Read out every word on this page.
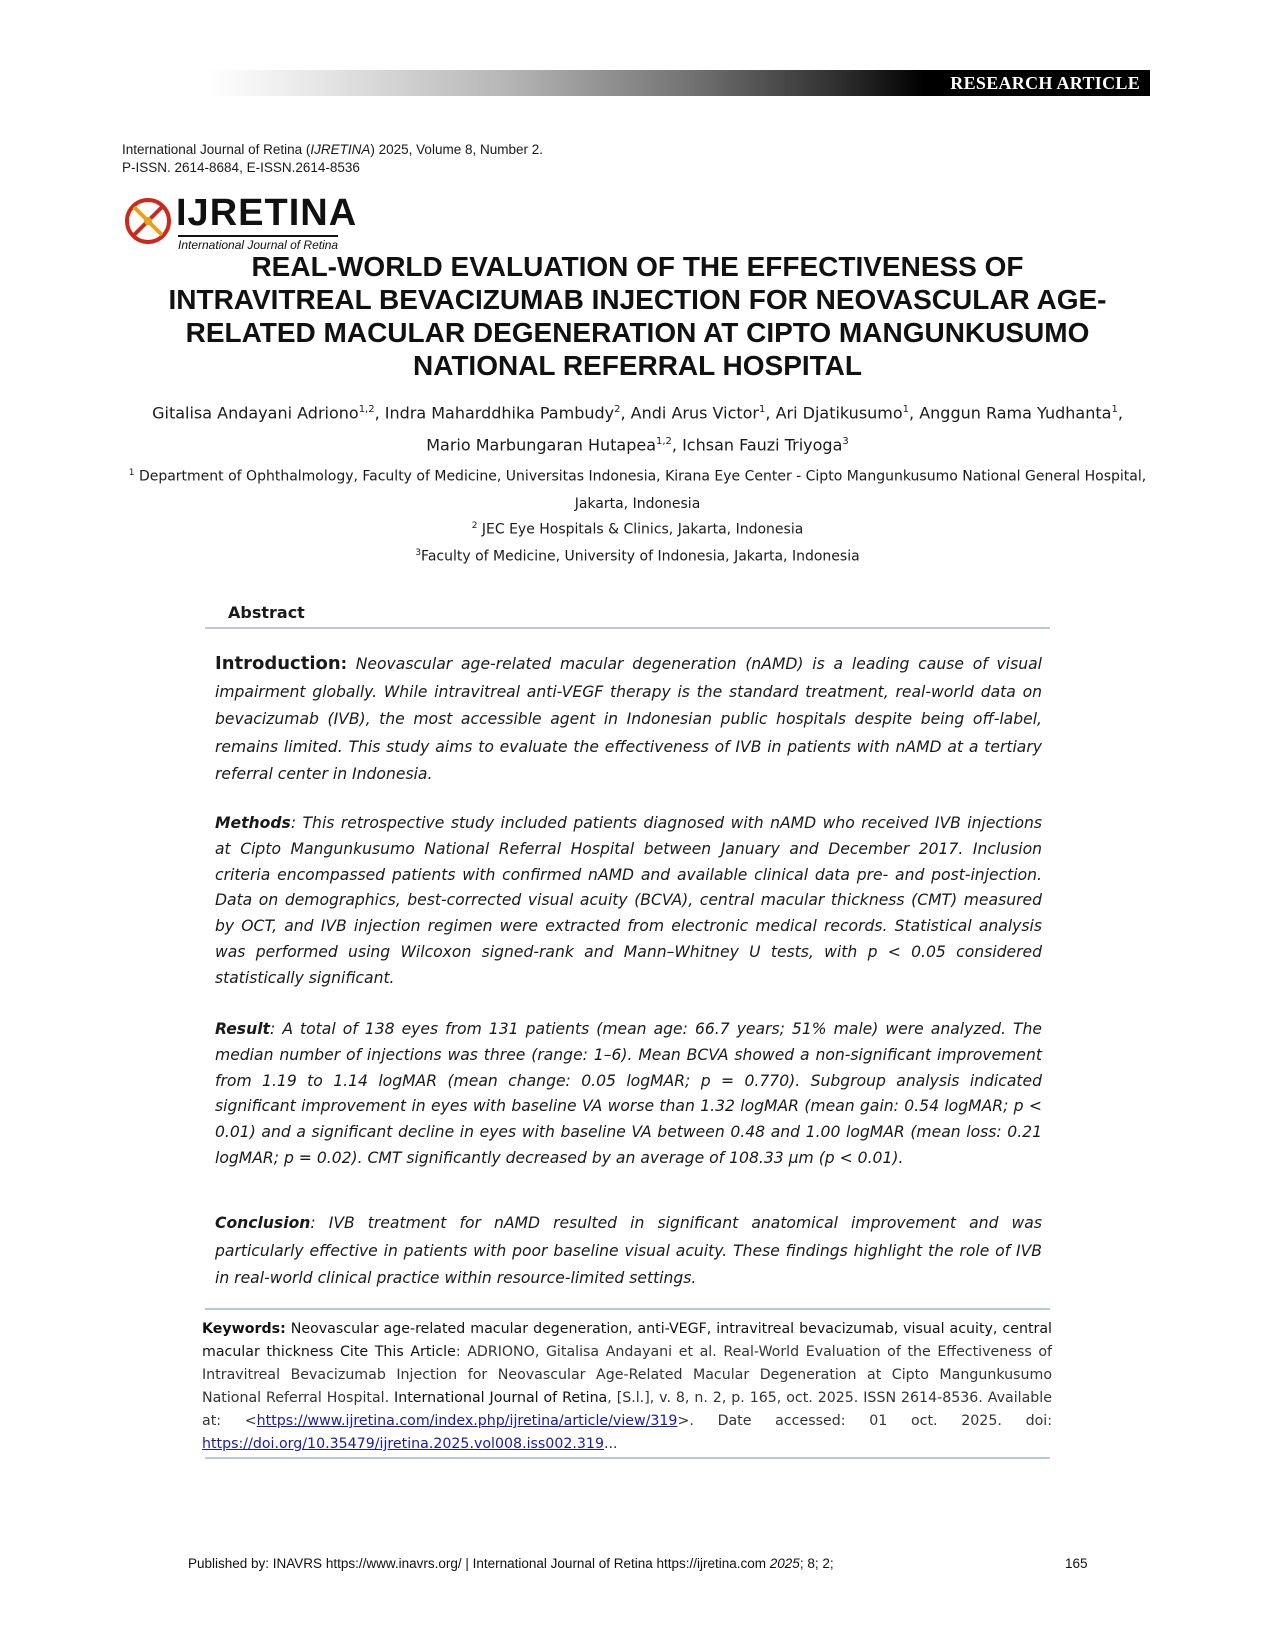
RESEARCH ARTICLE
International Journal of Retina (IJRETINA) 2025, Volume 8, Number 2.
P-ISSN. 2614-8684, E-ISSN.2614-8536
IJRETINA
International Journal of Retina
REAL-WORLD EVALUATION OF THE EFFECTIVENESS OF INTRAVITREAL BEVACIZUMAB INJECTION FOR NEOVASCULAR AGE-RELATED MACULAR DEGENERATION AT CIPTO MANGUNKUSUMO NATIONAL REFERRAL HOSPITAL
Gitalisa Andayani Adriono$^{1,2}$, Indra Maharddhika Pambudy$^2$, Andi Arus Victor$^1$, Ari Djatikusumo$^1$, Anggun Rama Yudhanta$^1$, Mario Marbungaran Hutapea$^{1,2}$, Ichsan Fauzi Triyoga$^3$
$^1$ Department of Ophthalmology, Faculty of Medicine, Universitas Indonesia, Kirana Eye Center - Cipto Mangunkusumo National General Hospital, Jakarta, Indonesia
$^2$ JEC Eye Hospitals & Clinics, Jakarta, Indonesia
$^3$Faculty of Medicine, University of Indonesia, Jakarta, Indonesia
Abstract

Introduction: Neovascular age-related macular degeneration (nAMD) is a leading cause of visual impairment globally. While intravitreal anti-VEGF therapy is the standard treatment, real-world data on bevacizumab (IVB), the most accessible agent in Indonesian public hospitals despite being off-label, remains limited. This study aims to evaluate the effectiveness of IVB in patients with nAMD at a tertiary referral center in Indonesia.

Methods: This retrospective study included patients diagnosed with nAMD who received IVB injections at Cipto Mangunkusumo National Referral Hospital between January and December 2017. Inclusion criteria encompassed patients with confirmed nAMD and available clinical data pre- and post-injection. Data on demographics, best-corrected visual acuity (BCVA), central macular thickness (CMT) measured by OCT, and IVB injection regimen were extracted from electronic medical records. Statistical analysis was performed using Wilcoxon signed-rank and Mann–Whitney U tests, with p < 0.05 considered statistically significant.

Result: A total of 138 eyes from 131 patients (mean age: 66.7 years; 51% male) were analyzed. The median number of injections was three (range: 1–6). Mean BCVA showed a non-significant improvement from 1.19 to 1.14 logMAR (mean change: 0.05 logMAR; p = 0.770). Subgroup analysis indicated significant improvement in eyes with baseline VA worse than 1.32 logMAR (mean gain: 0.54 logMAR; p < 0.01) and a significant decline in eyes with baseline VA between 0.48 and 1.00 logMAR (mean loss: 0.21 logMAR; p = 0.02). CMT significantly decreased by an average of 108.33 µm (p < 0.01).

Conclusion: IVB treatment for nAMD resulted in significant anatomical improvement and was particularly effective in patients with poor baseline visual acuity. These findings highlight the role of IVB in real-world clinical practice within resource-limited settings.

Keywords: Neovascular age-related macular degeneration, anti-VEGF, intravitreal bevacizumab, visual acuity, central macular thickness Cite This Article: ADRIONO, Gitalisa Andayani et al. Real-World Evaluation of the Effectiveness of Intravitreal Bevacizumab Injection for Neovascular Age-Related Macular Degeneration at Cipto Mangunkusumo National Referral Hospital. International Journal of Retina, [S.l.], v. 8, n. 2, p. 165, oct. 2025. ISSN 2614-8536. Available at: <https://www.ijretina.com/index.php/ijretina/article/view/319>. Date accessed: 01 oct. 2025. doi: https://doi.org/10.35479/ijretina.2025.vol008.iss002.319...

Published by: INAVRS https://www.inavrs.org/ | International Journal of Retina https://ijretina.com 2025; 8; 2;	165
